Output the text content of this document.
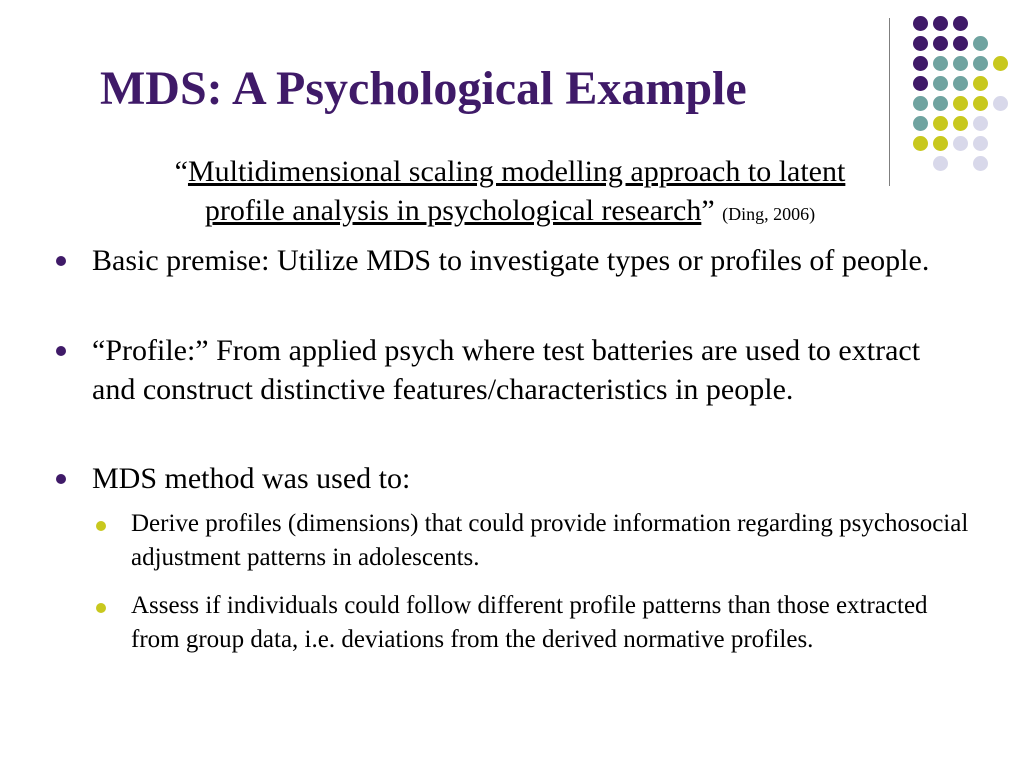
MDS: A Psychological Example
“Multidimensional scaling modelling approach to latent
profile analysis in psychological research” (Ding, 2006)
Basic premise: Utilize MDS to investigate types or profiles of people.
“Profile:” From applied psych where test batteries are used to extract and construct distinctive features/characteristics in people.
MDS method was used to:
Derive profiles (dimensions) that could provide information regarding psychosocial adjustment patterns in adolescents.
Assess if individuals could follow different profile patterns than those extracted from group data, i.e. deviations from the derived normative profiles.
